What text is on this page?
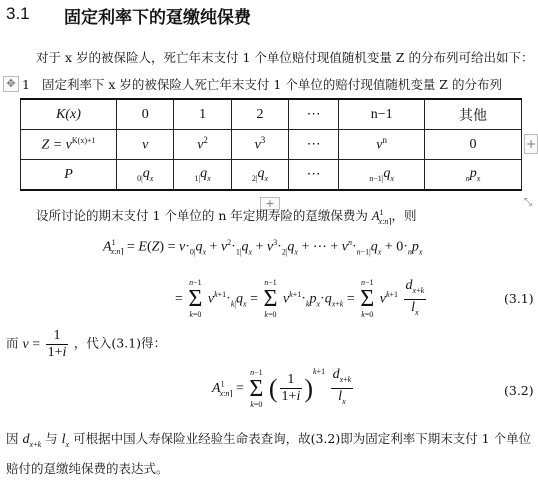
3.1 固定利率下的趸缴纯保费
对于 x 岁的被保险人，死亡年末支付 1 个单位赔付现值随机变量 Z 的分布列可给出如下：
✥ 1 固定利率下 x 岁的被保险人死亡年末支付 1 个单位的赔付现值随机变量 Z 的分布列
K(x)	0	1	2	⋯	n−1	其他
$Z = v^{K(x)+1}$	v	$v^2$	$v^3$	⋯	$v^n$	0
P	$_{0|}q_x$	$_{1|}q_x$	$_{2|}q_x$	⋯	$_{n-1|}q_x$	$_np_x$
+
+	⤡
设所讨论的期末支付 1 个单位的 n 年定期寿险的趸缴保费为 $A^1_{x:n⌉}$，则
$A^1_{x:n⌉} = E(Z) = v\cdot_{0|}q_x + v^2\cdot_{1|}q_x + v^3\cdot_{2|}q_x$ + ⋯ + $v^n\cdot_{n-1|}q_x + 0\cdot_np_x$
=
n−1
Σ
k=0
$v^{k+1}\cdot_{k|}q_x$ =
n−1
Σ
k=0
$v^{k+1}\cdot_kp_x\cdot q_{x+k}$ =
n−1
Σ
k=0
$v^{k+1} \frac{d_{x+k}}{l_x}$	(3.1)
而 $v = \frac{1}{1+i}$ ，代入(3.1)得：
$A^1_{x:n⌉}$ =
n−1
Σ
k=0
( $\frac{1}{1+i} )^{k+1} \frac{d_{x+k}}{l_x}$	(3.2)
因 $d_{x+k}$ 与 $l_x$ 可根据中国人寿保险业经验生命表查询，故(3.2)即为固定利率下期末支付 1 个单位
赔付的趸缴纯保费的表达式。
